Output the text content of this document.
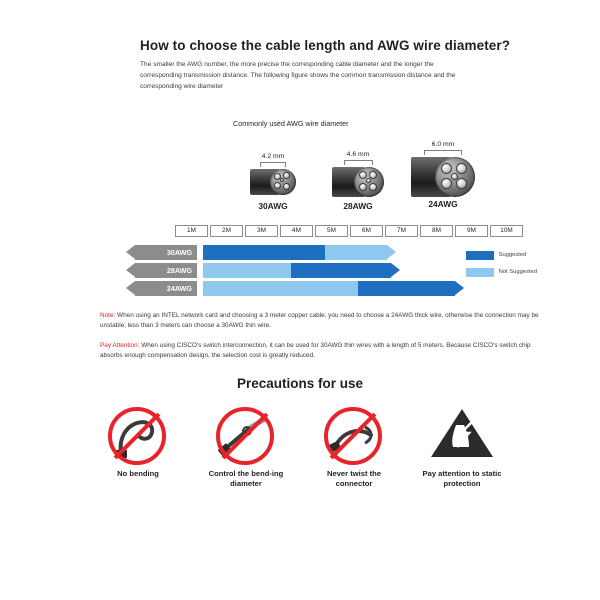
How to choose the cable length and AWG wire diameter?

The smaller the AWG number, the more precise the corresponding cable diameter and the longer the corresponding transmission distance. The following figure shows the common transmission distance and the corresponding wire diameter

Commonly used AWG wire diameter
4.2 mm
30AWG
4.6 mm
28AWG
6.0 mm
24AWG
1M	2M	3M	4M	5M	6M	7M	8M	9M	10M
30AWG
28AWG
24AWG
Suggested
Not Suggested

Note: When using an INTEL network card and choosing a 3 meter copper cable, you need to choose a 24AWG thick wire, otherwise the connection may be unstable; less than 3 meters can choose a 30AWG thin wire.

Pay Attention: When using CISCO's switch interconnection, it can be used for 30AWG thin wires with a length of 5 meters. Because CISCO's switch chip absorbs enough compensation design, the selection cost is greatly reduced.

Precautions for use
No bending	Control the bend-ing diameter
Never twist the connector
Pay attention to static protection
